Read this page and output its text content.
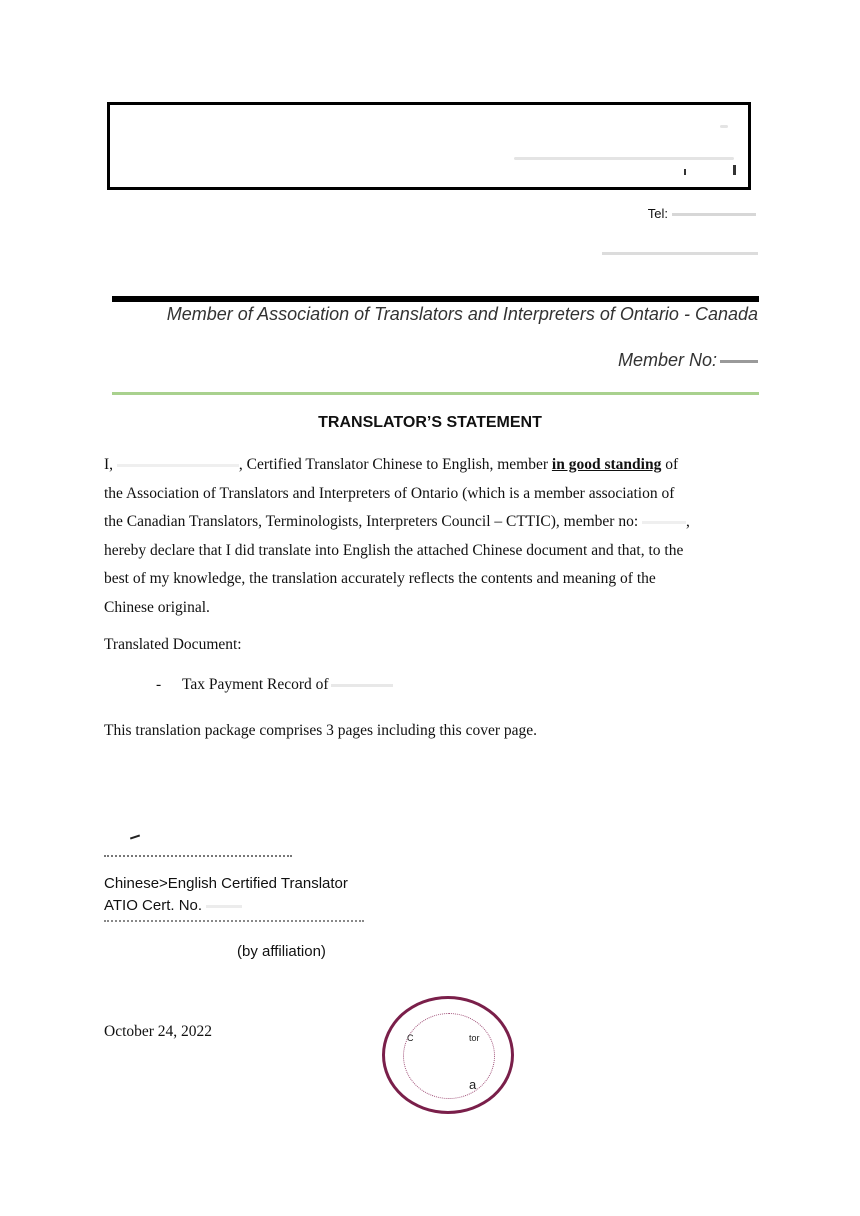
Tel:
Member of Association of Translators and Interpreters of Ontario - Canada
Member No:
TRANSLATOR’S STATEMENT
I,	, Certified Translator Chinese to English, member in good standing of
the Association of Translators and Interpreters of Ontario (which is a member association of
the Canadian Translators, Terminologists, Interpreters Council – CTTIC), member no:	,
hereby declare that I did translate into English the attached Chinese document and that, to the
best of my knowledge, the translation accurately reflects the contents and meaning of the
Chinese original.
Translated Document:
- Tax Payment Record of
This translation package comprises 3 pages including this cover page.
Chinese>English Certified Translator
ATIO Cert. No.
(by affiliation)
October 24, 2022	C	tor
a
